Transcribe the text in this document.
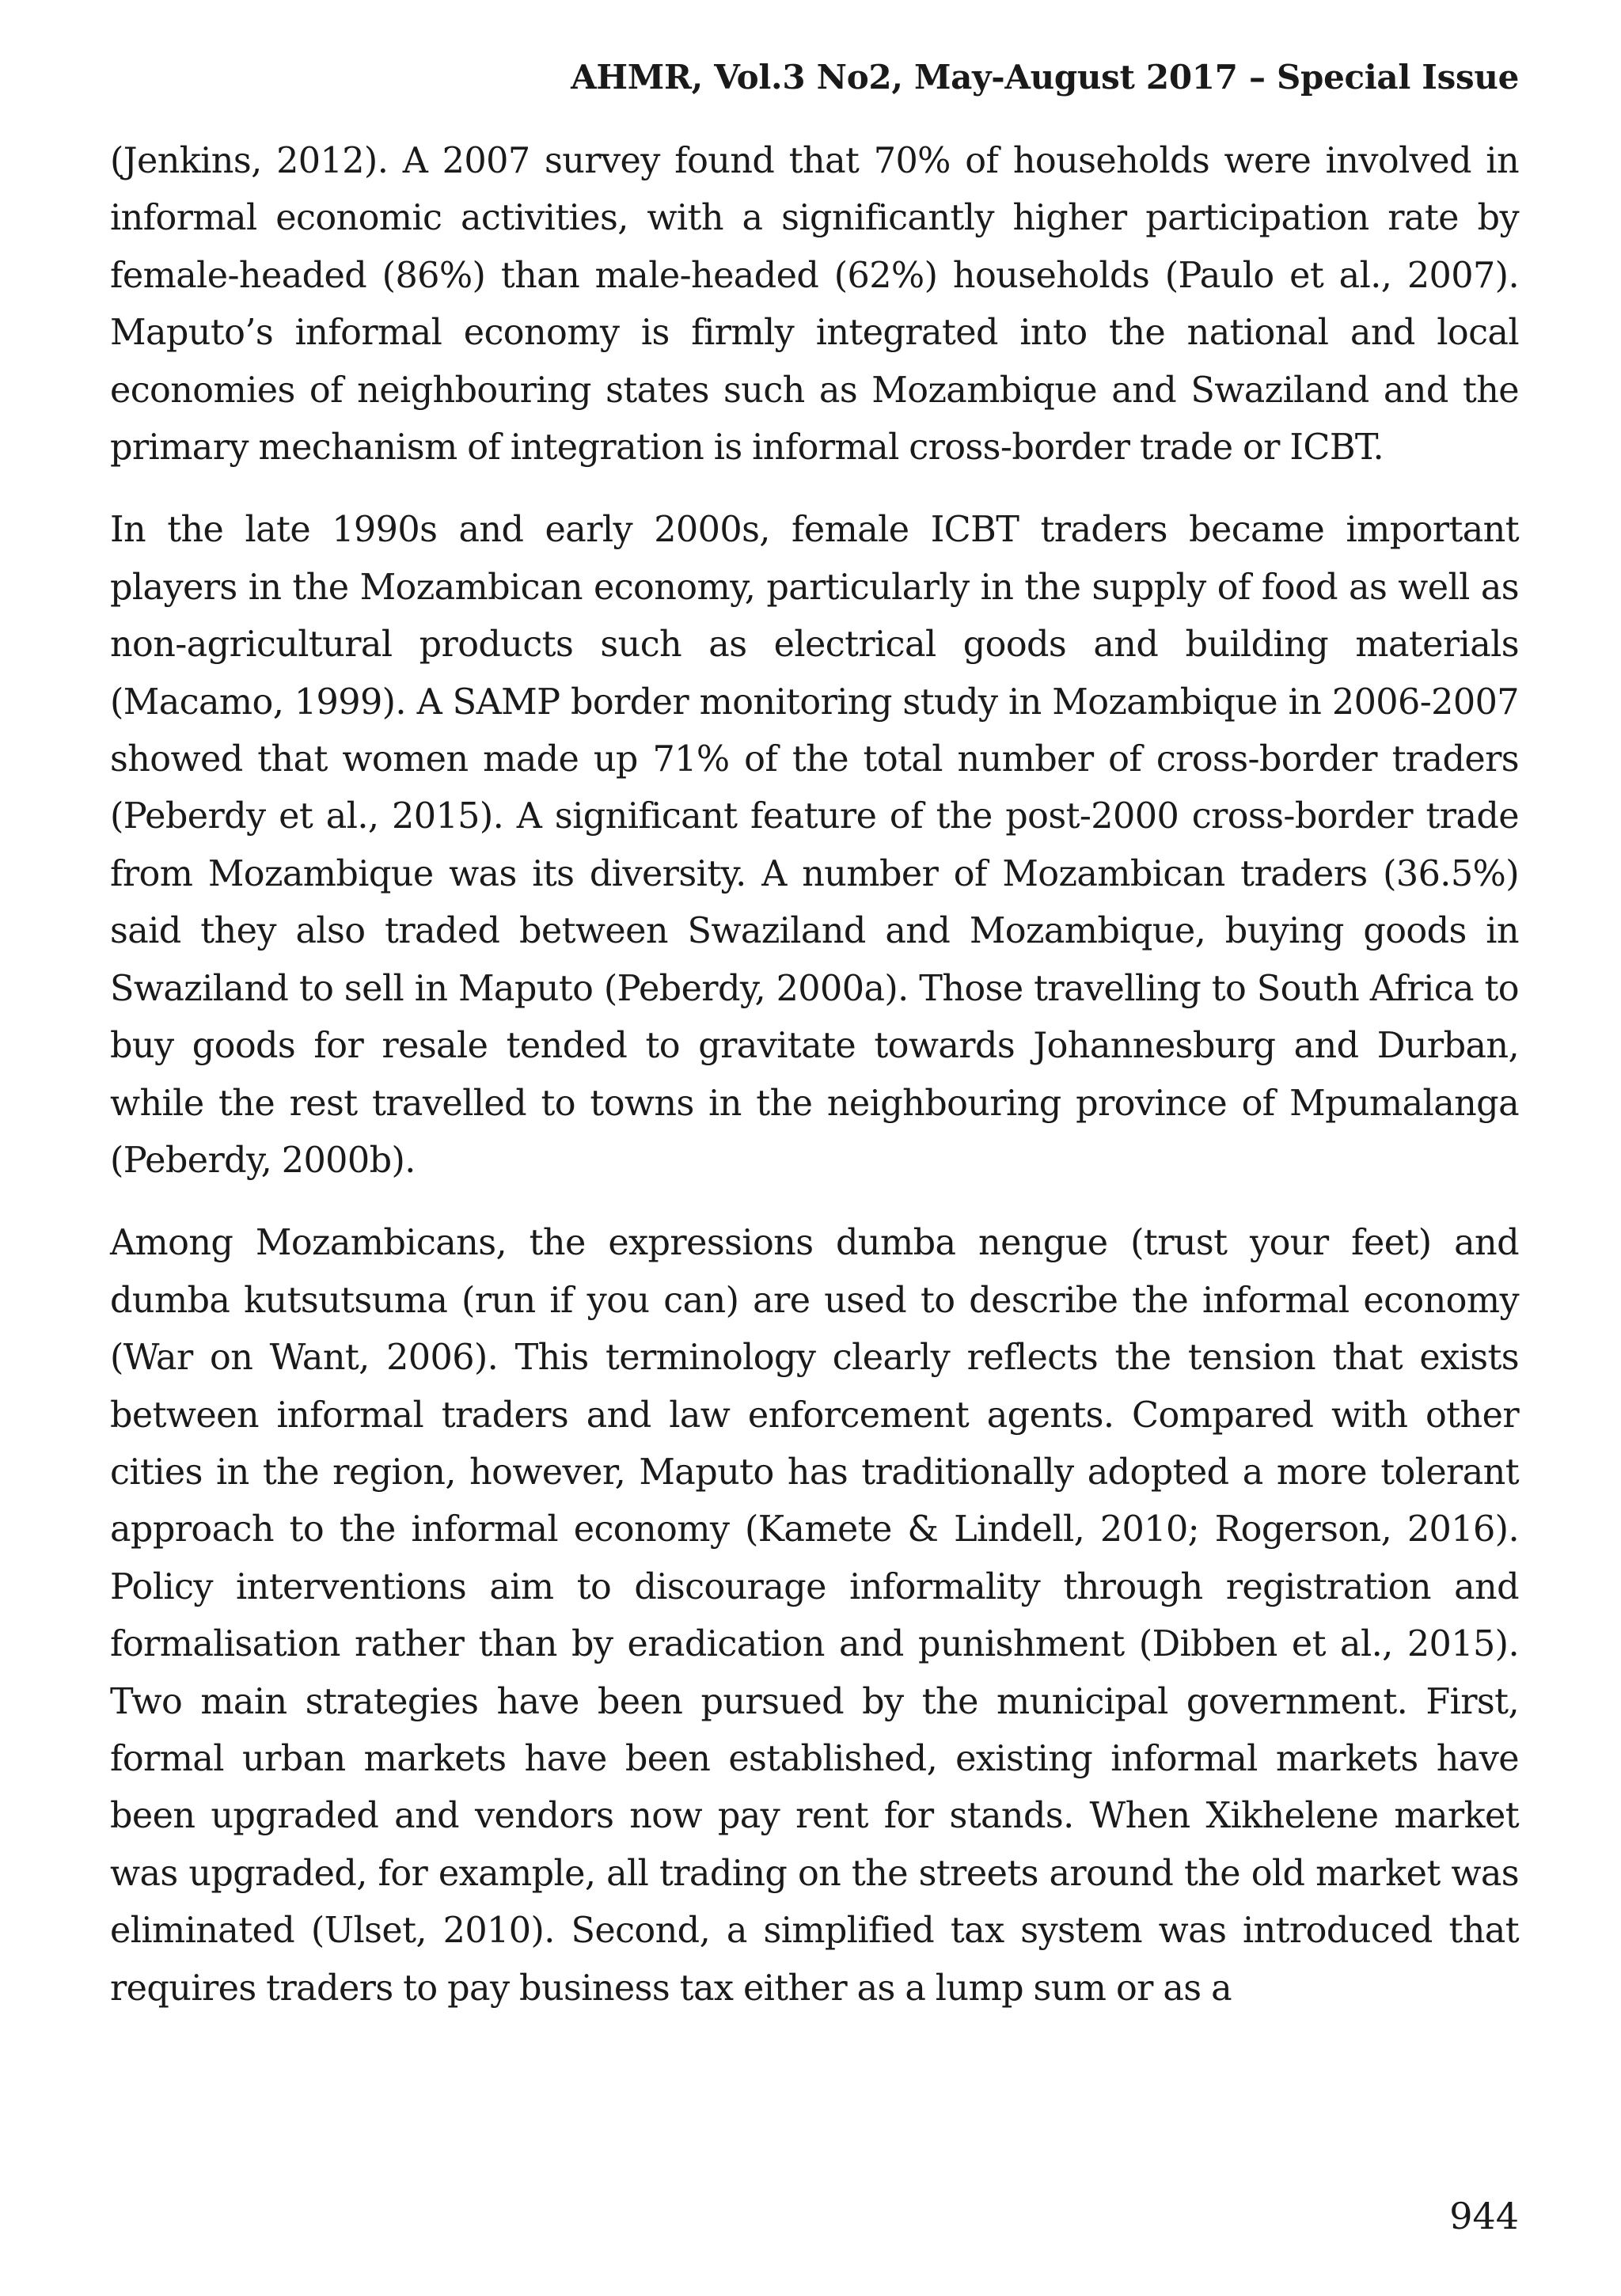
AHMR, Vol.3 No2, May-August 2017 – Special Issue

(Jenkins, 2012). A 2007 survey found that 70% of households were involved in informal economic activities, with a significantly higher participation rate by female-headed (86%) than male-headed (62%) households (Paulo et al., 2007). Maputo’s informal economy is firmly integrated into the national and local economies of neighbouring states such as Mozambique and Swaziland and the primary mechanism of integration is informal cross-border trade or ICBT.

In the late 1990s and early 2000s, female ICBT traders became important players in the Mozambican economy, particularly in the supply of food as well as non-agricultural products such as electrical goods and building materials (Macamo, 1999). A SAMP border monitoring study in Mozambique in 2006-2007 showed that women made up 71% of the total number of cross-border traders (Peberdy et al., 2015). A significant feature of the post-2000 cross-border trade from Mozambique was its diversity. A number of Mozambican traders (36.5%) said they also traded between Swaziland and Mozambique, buying goods in Swaziland to sell in Maputo (Peberdy, 2000a). Those travelling to South Africa to buy goods for resale tended to gravitate towards Johannesburg and Durban, while the rest travelled to towns in the neighbouring province of Mpumalanga (Peberdy, 2000b).

Among Mozambicans, the expressions dumba nengue (trust your feet) and dumba kutsutsuma (run if you can) are used to describe the informal economy (War on Want, 2006). This terminology clearly reflects the tension that exists between informal traders and law enforcement agents. Compared with other cities in the region, however, Maputo has traditionally adopted a more tolerant approach to the informal economy (Kamete & Lindell, 2010; Rogerson, 2016). Policy interventions aim to discourage informality through registration and formalisation rather than by eradication and punishment (Dibben et al., 2015). Two main strategies have been pursued by the municipal government. First, formal urban markets have been established, existing informal markets have been upgraded and vendors now pay rent for stands. When Xikhelene market was upgraded, for example, all trading on the streets around the old market was eliminated (Ulset, 2010). Second, a simplified tax system was introduced that requires traders to pay business tax either as a lump sum or as a

944
